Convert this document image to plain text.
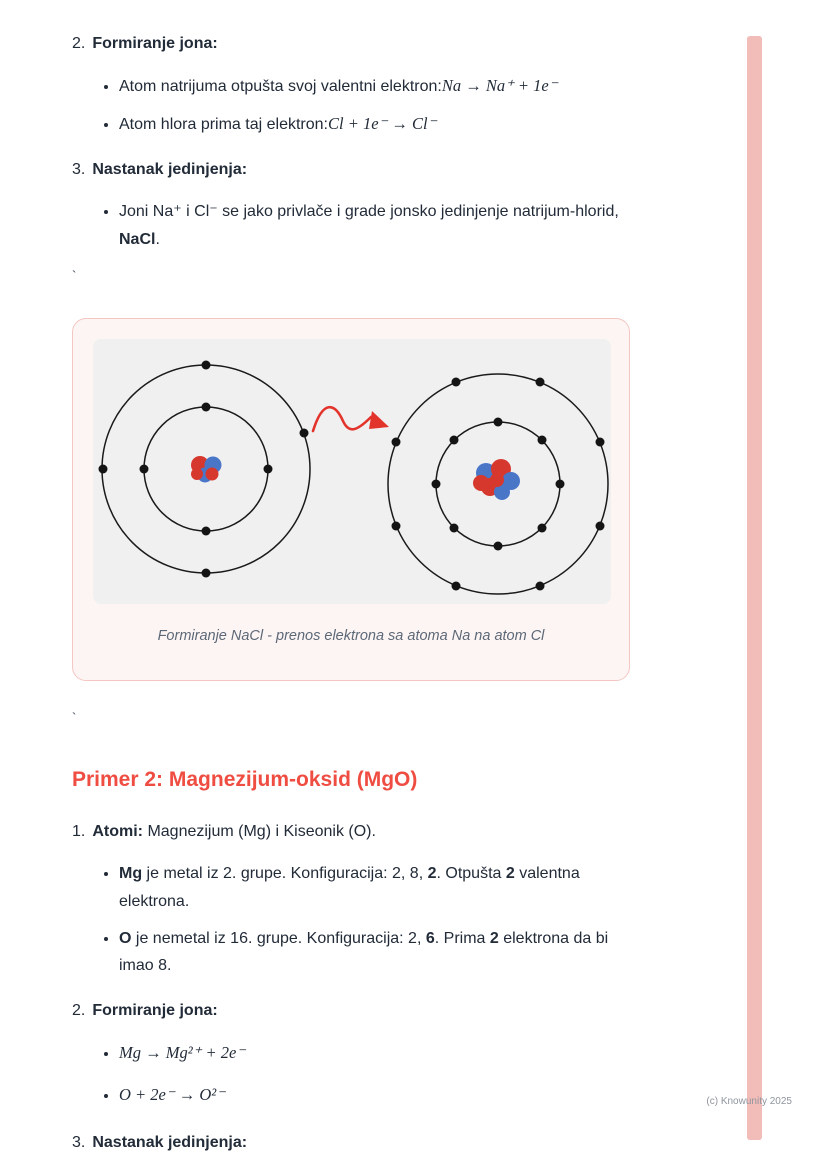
2. Formiranje jona:
• Atom natrijuma otpušta svoj valentni elektron:Na → Na⁺ + 1e⁻
• Atom hlora prima taj elektron:Cl + 1e⁻ → Cl⁻
3. Nastanak jedinjenja:
• Joni Na⁺ i Cl⁻ se jako privlače i grade jonsko jedinjenje natrijum-hlorid, NaCl.
`
Formiranje NaCl - prenos elektrona sa atoma Na na atom Cl
`
Primer 2: Magnezijum-oksid (MgO)
1. Atomi: Magnezijum (Mg) i Kiseonik (O).
• Mg je metal iz 2. grupe. Konfiguracija: 2, 8, 2. Otpušta 2 valentna elektrona.
• O je nemetal iz 16. grupe. Konfiguracija: 2, 6. Prima 2 elektrona da bi imao 8.
2. Formiranje jona:
• Mg → Mg²⁺ + 2e⁻
• O + 2e⁻ → O²⁻
3. Nastanak jedinjenja:
(c) Knowunity 2025
